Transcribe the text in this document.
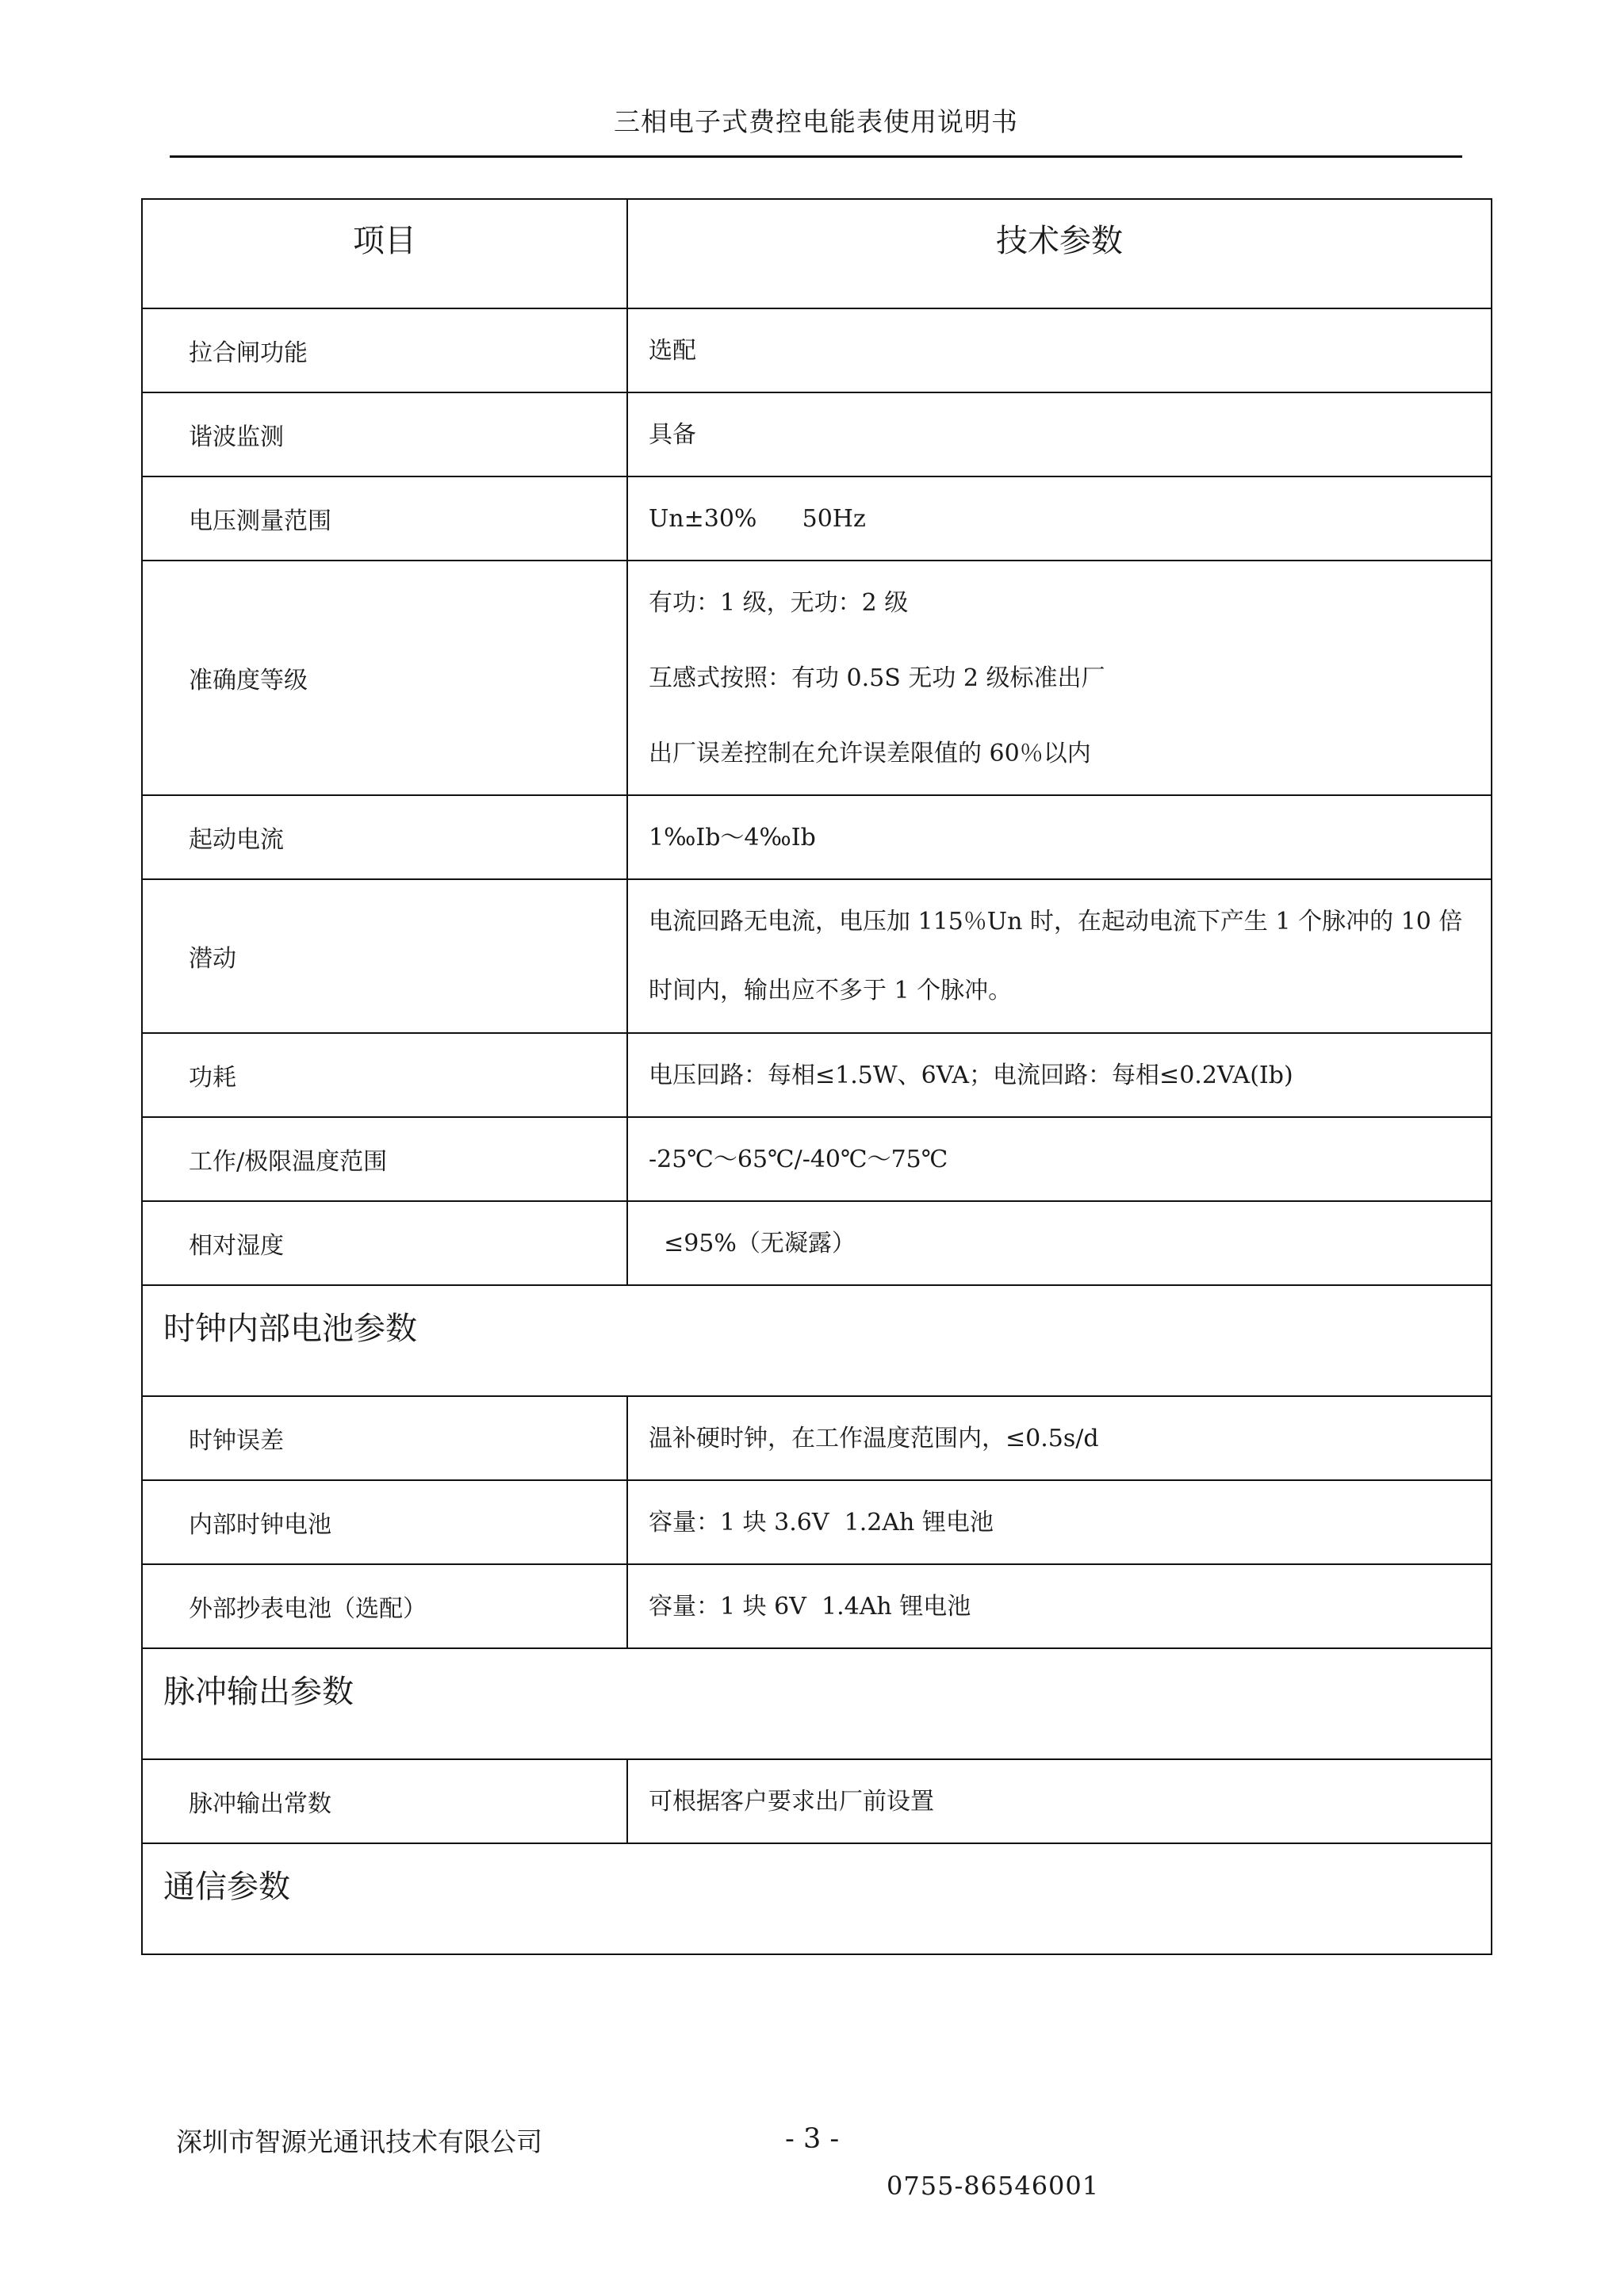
三相电子式费控电能表使用说明书
项目	技术参数

拉合闸功能	选配

谐波监测	具备

电压测量范围	Un±30%      50Hz

准确度等级	有功：1 级，无功：2 级
互感式按照：有功 0.5S 无功 2 级标准出厂
出厂误差控制在允许误差限值的 60％以内

起动电流	1‰Ib～4‰Ib

潜动	电流回路无电流，电压加 115％Un 时，在起动电流下产生 1 个脉冲的 10 倍
时间内，输出应不多于 1 个脉冲。

功耗	电压回路：每相≤1.5W、6VA；电流回路：每相≤0.2VA(Ib)

工作/极限温度范围	-25℃～65℃/-40℃～75℃

相对湿度	≤95%（无凝露）

时钟内部电池参数	

时钟误差	温补硬时钟，在工作温度范围内，≤0.5s/d

内部时钟电池	容量：1 块 3.6V  1.2Ah 锂电池

外部抄表电池（选配）	容量：1 块 6V  1.4Ah 锂电池

脉冲输出参数	

脉冲输出常数	可根据客户要求出厂前设置

通信参数	
深圳市智源光通讯技术有限公司	- 3 -
0755-86546001
